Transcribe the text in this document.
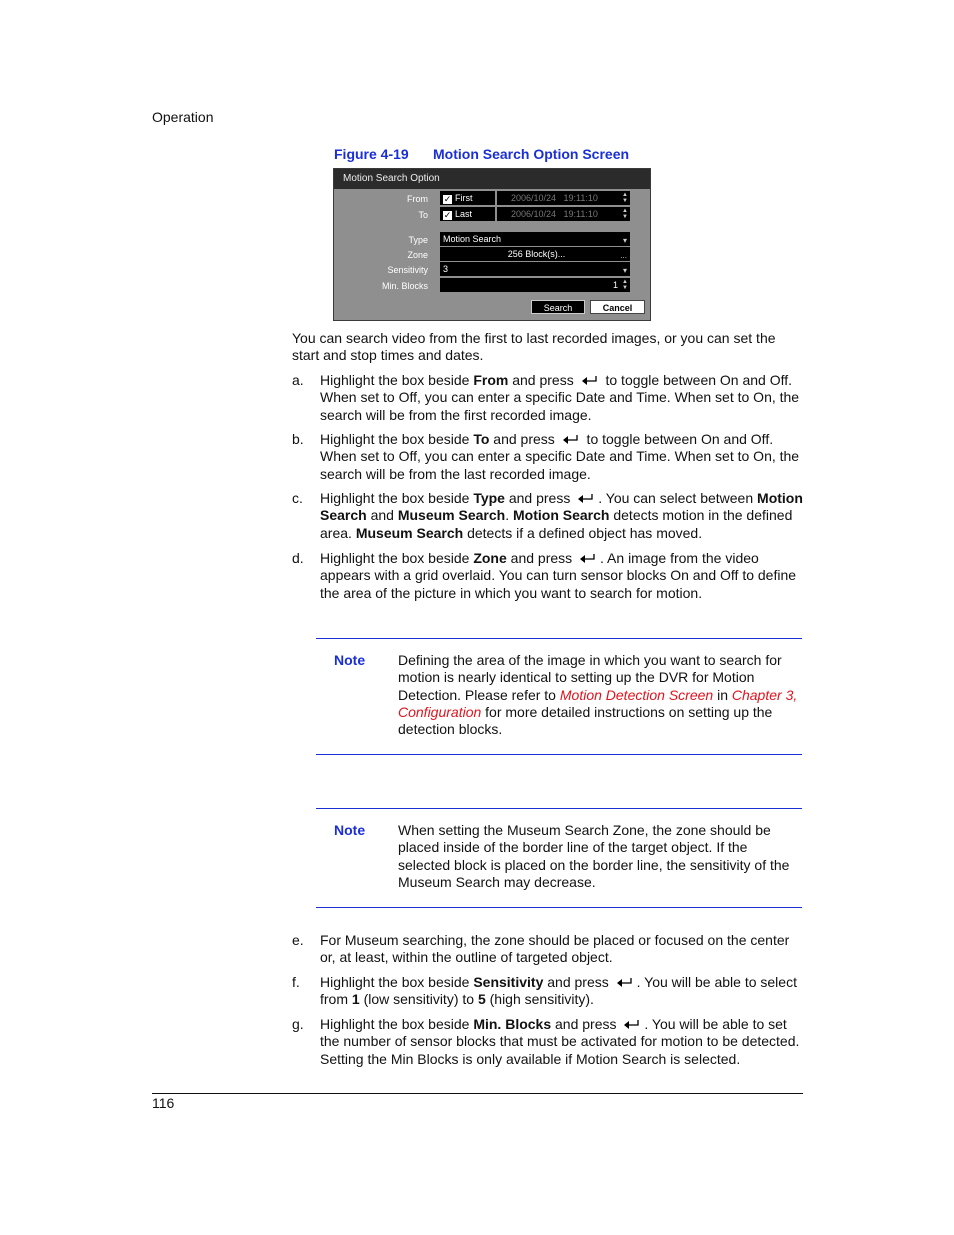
Operation
Figure 4-19 Motion Search Option Screen
Motion Search Option
From	✓ First	2006/10/24   19:11:10	▲
▼
To	✓ Last	2006/10/24   19:11:10	▲
▼
Type	Motion Search	▾
Zone	256 Block(s)...	...
Sensitivity	3	▾
Min. Blocks	1 ▲
▼
Search	Cancel
You can search video from the first to last recorded images, or you can set the start and stop times and dates.
a. Highlight the box beside From and press  to toggle between On and Off. When set to Off, you can enter a specific Date and Time. When set to On, the search will be from the first recorded image.
b. Highlight the box beside To and press  to toggle between On and Off. When set to Off, you can enter a specific Date and Time. When set to On, the search will be from the last recorded image.
c. Highlight the box beside Type and press . You can select between Motion Search and Museum Search. Motion Search detects motion in the defined area. Museum Search detects if a defined object has moved.
d. Highlight the box beside Zone and press . An image from the video appears with a grid overlaid. You can turn sensor blocks On and Off to define the area of the picture in which you want to search for motion.
Note Defining the area of the image in which you want to search for motion is nearly identical to setting up the DVR for Motion Detection. Please refer to Motion Detection Screen in Chapter 3, Configuration for more detailed instructions on setting up the detection blocks.
Note When setting the Museum Search Zone, the zone should be placed inside of the border line of the target object. If the selected block is placed on the border line, the sensitivity of the Museum Search may decrease.
e. For Museum searching, the zone should be placed or focused on the center or, at least, within the outline of targeted object.
f. Highlight the box beside Sensitivity and press . You will be able to select from 1 (low sensitivity) to 5 (high sensitivity).
g. Highlight the box beside Min. Blocks and press . You will be able to set the number of sensor blocks that must be activated for motion to be detected. Setting the Min Blocks is only available if Motion Search is selected.
116
